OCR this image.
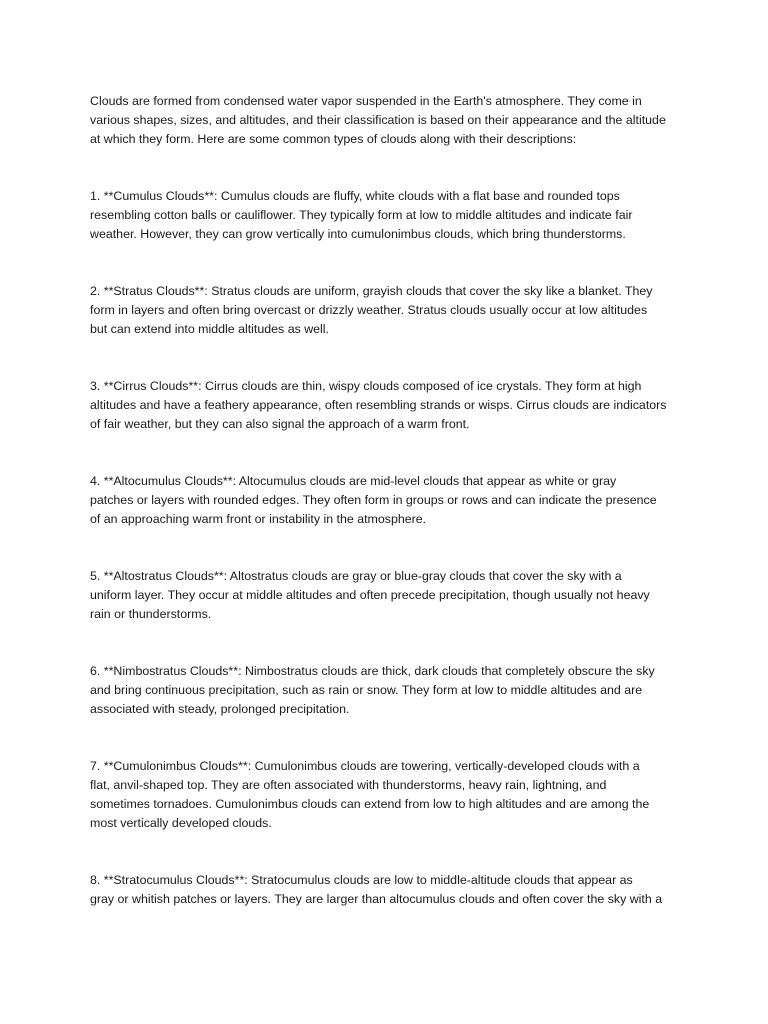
Clouds are formed from condensed water vapor suspended in the Earth's atmosphere. They come in
various shapes, sizes, and altitudes, and their classification is based on their appearance and the altitude
at which they form. Here are some common types of clouds along with their descriptions:

1. **Cumulus Clouds**: Cumulus clouds are fluffy, white clouds with a flat base and rounded tops
resembling cotton balls or cauliflower. They typically form at low to middle altitudes and indicate fair
weather. However, they can grow vertically into cumulonimbus clouds, which bring thunderstorms.

2. **Stratus Clouds**: Stratus clouds are uniform, grayish clouds that cover the sky like a blanket. They
form in layers and often bring overcast or drizzly weather. Stratus clouds usually occur at low altitudes
but can extend into middle altitudes as well.

3. **Cirrus Clouds**: Cirrus clouds are thin, wispy clouds composed of ice crystals. They form at high
altitudes and have a feathery appearance, often resembling strands or wisps. Cirrus clouds are indicators
of fair weather, but they can also signal the approach of a warm front.

4. **Altocumulus Clouds**: Altocumulus clouds are mid-level clouds that appear as white or gray
patches or layers with rounded edges. They often form in groups or rows and can indicate the presence
of an approaching warm front or instability in the atmosphere.

5. **Altostratus Clouds**: Altostratus clouds are gray or blue-gray clouds that cover the sky with a
uniform layer. They occur at middle altitudes and often precede precipitation, though usually not heavy
rain or thunderstorms.

6. **Nimbostratus Clouds**: Nimbostratus clouds are thick, dark clouds that completely obscure the sky
and bring continuous precipitation, such as rain or snow. They form at low to middle altitudes and are
associated with steady, prolonged precipitation.

7. **Cumulonimbus Clouds**: Cumulonimbus clouds are towering, vertically-developed clouds with a
flat, anvil-shaped top. They are often associated with thunderstorms, heavy rain, lightning, and
sometimes tornadoes. Cumulonimbus clouds can extend from low to high altitudes and are among the
most vertically developed clouds.

8. **Stratocumulus Clouds**: Stratocumulus clouds are low to middle-altitude clouds that appear as
gray or whitish patches or layers. They are larger than altocumulus clouds and often cover the sky with a
